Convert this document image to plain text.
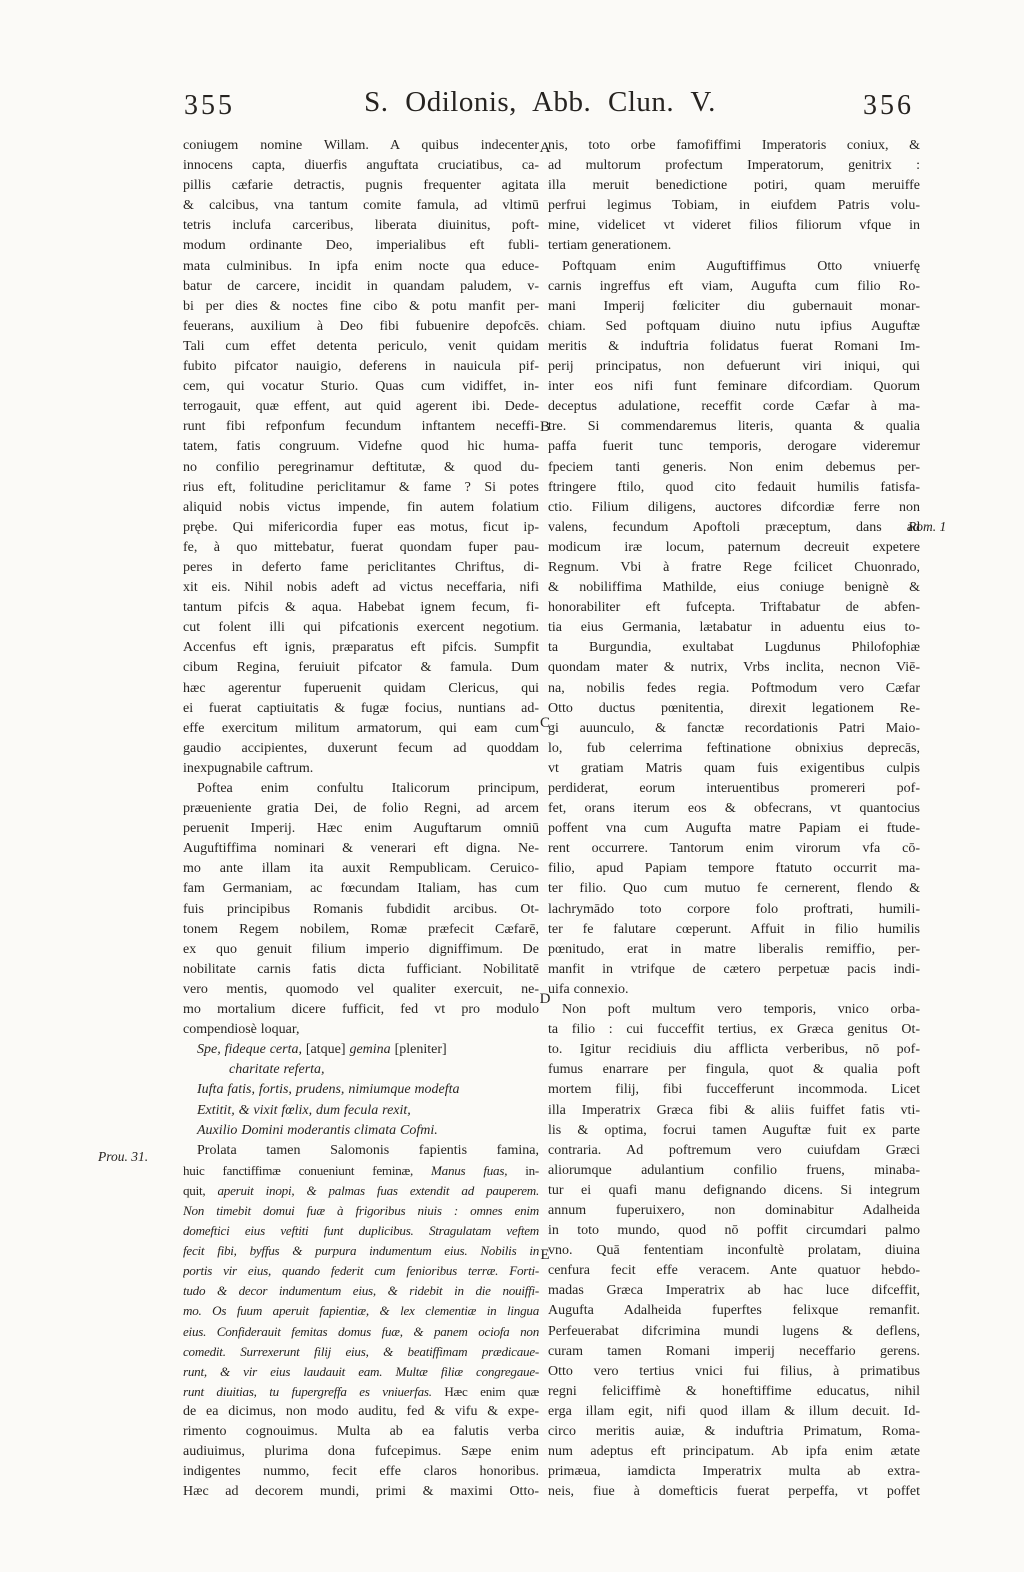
355	S. Odilonis, Abb. Clun. V.	356
coniugem nomine Willam. A quibus indecenter
innocens capta, diuerfis anguftata cruciatibus, ca-
pillis cæfarie detractis, pugnis frequenter agitata
& calcibus, vna tantum comite famula, ad vltimū
tetris inclufa carceribus, liberata diuinitus, poft-
modum ordinante Deo, imperialibus eft fubli-
mata culminibus. In ipfa enim nocte qua educe-
batur de carcere, incidit in quandam paludem, v-
bi per dies & noctes fine cibo & potu manfit per-
feuerans, auxilium à Deo fibi fubuenire depofcēs.
Tali cum effet detenta periculo, venit quidam
fubito pifcator nauigio, deferens in nauicula pif-
cem, qui vocatur Sturio. Quas cum vidiffet, in-
terrogauit, quæ effent, aut quid agerent ibi. Dede-
runt fibi refponfum fecundum inftantem neceffi-
tatem, fatis congruum. Videfne quod hic huma-
no confilio peregrinamur deftitutæ, & quod du-
rius eft, folitudine periclitamur & fame ? Si potes
aliquid nobis victus impende, fin autem folatium
prębe. Qui mifericordia fuper eas motus, ficut ip-
fe, à quo mittebatur, fuerat quondam fuper pau-
peres in deferto fame periclitantes Chriftus, di-
xit eis. Nihil nobis adeft ad victus neceffaria, nifi
tantum pifcis & aqua. Habebat ignem fecum, fi-
cut folent illi qui pifcationis exercent negotium.
Accenfus eft ignis, præparatus eft pifcis. Sumpfit
cibum Regina, feruiuit pifcator & famula. Dum
hæc agerentur fuperuenit quidam Clericus, qui
ei fuerat captiuitatis & fugæ focius, nuntians ad-
effe exercitum militum armatorum, qui eam cum
gaudio accipientes, duxerunt fecum ad quoddam
inexpugnabile caftrum.
Poftea enim confultu Italicorum principum,
præueniente gratia Dei, de folio Regni, ad arcem
peruenit Imperij. Hæc enim Auguftarum omniū
Auguftiffima nominari & venerari eft digna. Ne-
mo ante illam ita auxit Rempublicam. Ceruico-
fam Germaniam, ac fœcundam Italiam, has cum
fuis principibus Romanis fubdidit arcibus. Ot-
tonem Regem nobilem, Romæ præfecit Cæfarē,
ex quo genuit filium imperio digniffimum. De
nobilitate carnis fatis dicta fufficiant. Nobilitatē
vero mentis, quomodo vel qualiter exercuit, ne-
mo mortalium dicere fufficit, fed vt pro modulo
compendiosè loquar,
Spe, fideque certa, [atque] gemina [pleniter]
charitate referta,
Iufta fatis, fortis, prudens, nimiumque modefta
Extitit, & vixit fœlix, dum fecula rexit,
Auxilio Domini moderantis climata Cofmi.
Prolata tamen Salomonis fapientis famina,
huic fanctiffimæ conueniunt feminæ, Manus fuas, in-
quit, aperuit inopi, & palmas fuas extendit ad pauperem.
Non timebit domui fuæ à frigoribus niuis : omnes enim
domeftici eius veftiti funt duplicibus. Stragulatam veftem
fecit fibi, byffus & purpura indumentum eius. Nobilis in
portis vir eius, quando federit cum fenioribus terræ. Forti-
tudo & decor indumentum eius, & ridebit in die nouiffi-
mo. Os fuum aperuit fapientiæ, & lex clementiæ in lingua
eius. Confiderauit femitas domus fuæ, & panem ociofa non
comedit. Surrexerunt filij eius, & beatiffimam prædicaue-
runt, & vir eius laudauit eam. Multæ filiæ congregaue-
runt diuitias, tu fupergreffa es vniuerfas. Hæc enim quæ
de ea dicimus, non modo auditu, fed & vifu & expe-
rimento cognouimus. Multa ab ea falutis verba
audiuimus, plurima dona fufcepimus. Sæpe enim
indigentes nummo, fecit effe claros honoribus.
Hæc ad decorem mundi, primi & maximi Otto-
nis, toto orbe famofiffimi Imperatoris coniux, &
ad multorum profectum Imperatorum, genitrix :
illa meruit benedictione potiri, quam meruiffe
perfrui legimus Tobiam, in eiufdem Patris volu-
mine, videlicet vt videret filios filiorum vfque in
tertiam generationem.
Poftquam enim Auguftiffimus Otto vniuerfę
carnis ingreffus eft viam, Augufta cum filio Ro-
mani Imperij fœliciter diu gubernauit monar-
chiam. Sed poftquam diuino nutu ipfius Auguftæ
meritis & induftria folidatus fuerat Romani Im-
perij principatus, non defuerunt viri iniqui, qui
inter eos nifi funt feminare difcordiam. Quorum
deceptus adulatione, receffit corde Cæfar à ma-
tre. Si commendaremus literis, quanta & qualia
paffa fuerit tunc temporis, derogare videremur
fpeciem tanti generis. Non enim debemus per-
ftringere ftilo, quod cito fedauit humilis fatisfa-
ctio. Filium diligens, auctores difcordiæ ferre non
valens, fecundum Apoftoli præceptum, dans ad
modicum iræ locum, paternum decreuit expetere
Regnum. Vbi à fratre Rege fcilicet Chuonrado,
& nobiliffima Mathilde, eius coniuge benignè &
honorabiliter eft fufcepta. Triftabatur de abfen-
tia eius Germania, lætabatur in aduentu eius to-
ta Burgundia, exultabat Lugdunus Philofophiæ
quondam mater & nutrix, Vrbs inclita, necnon Viē-
na, nobilis fedes regia. Poftmodum vero Cæfar
Otto ductus pœnitentia, direxit legationem Re-
gi auunculo, & fanctæ recordationis Patri Maio-
lo, fub celerrima feftinatione obnixius deprecās,
vt gratiam Matris quam fuis exigentibus culpis
perdiderat, eorum interuentibus promereri pof-
fet, orans iterum eos & obfecrans, vt quantocius
poffent vna cum Augufta matre Papiam ei ftude-
rent occurrere. Tantorum enim virorum vfa cō-
filio, apud Papiam tempore ftatuto occurrit ma-
ter filio. Quo cum mutuo fe cernerent, flendo &
lachrymādo toto corpore folo proftrati, humili-
ter fe falutare cœperunt. Affuit in filio humilis
pœnitudo, erat in matre liberalis remiffio, per-
manfit in vtrifque de cætero perpetuæ pacis indi-
uifa connexio.
Non poft multum vero temporis, vnico orba-
ta filio : cui fucceffit tertius, ex Græca genitus Ot-
to. Igitur recidiuis diu afflicta verberibus, nō pof-
fumus enarrare per fingula, quot & qualia poft
mortem filij, fibi fuccefferunt incommoda. Licet
illa Imperatrix Græca fibi & aliis fuiffet fatis vti-
lis & optima, focrui tamen Auguftæ fuit ex parte
contraria. Ad poftremum vero cuiufdam Græci
aliorumque adulantium confilio fruens, minaba-
tur ei quafi manu defignando dicens. Si integrum
annum fuperuixero, non dominabitur Adalheida
in toto mundo, quod nō poffit circumdari palmo
vno. Quā fententiam inconfultè prolatam, diuina
cenfura fecit effe veracem. Ante quatuor hebdo-
madas Græca Imperatrix ab hac luce difceffit,
Augufta Adalheida fuperftes felixque remanfit.
Perfeuerabat difcrimina mundi lugens & deflens,
curam tamen Romani imperij neceffario gerens.
Otto vero tertius vnici fui filius, à primatibus
regni feliciffimè & honeftiffime educatus, nihil
erga illam egit, nifi quod illam & illum decuit. Id-
circo meritis auiæ, & induftria Primatum, Roma-
num adeptus eft principatum. Ab ipfa enim ætate
primæua, iamdicta Imperatrix multa ab extra-
neis, fiue à domefticis fuerat perpeffa, vt poffet
A
B
C
D
E
Prou. 31.
Rom. 1
